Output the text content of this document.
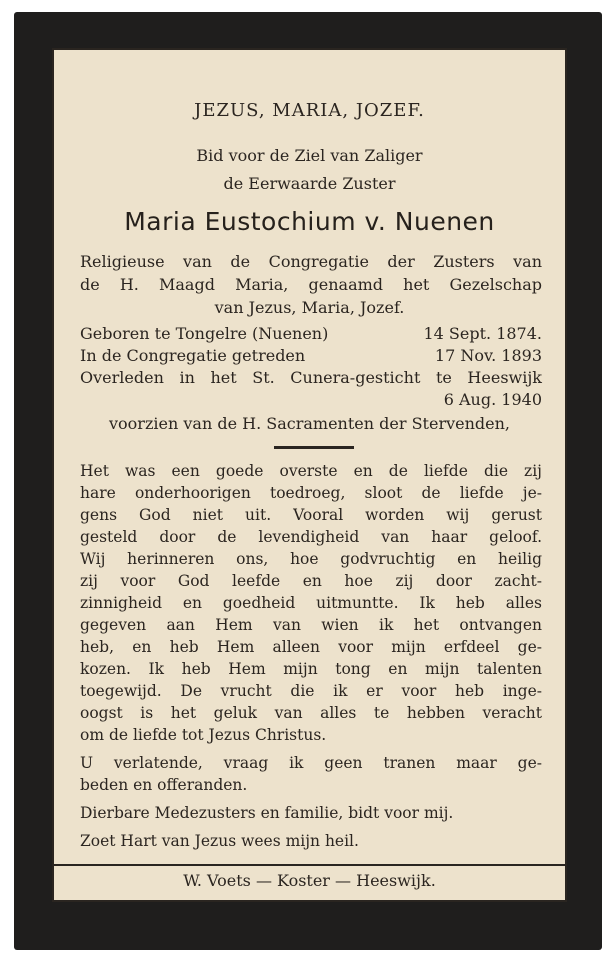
JEZUS, MARIA, JOZEF.

Bid voor de Ziel van Zaliger

de Eerwaarde Zuster

Maria Eustochium v. Nuenen

Religieuse van de Congregatie der Zusters van

de H. Maagd Maria, genaamd het Gezelschap

van Jezus, Maria, Jozef.

Geboren te Tongelre (Nuenen)	14 Sept. 1874.
In de Congregatie getreden	17 Nov. 1893

Overleden in het St. Cunera-gesticht te Heeswijk

6 Aug. 1940

voorzien van de H. Sacramenten der Stervenden,

Het was een goede overste en de liefde die zij

hare onderhoorigen toedroeg, sloot de liefde je-

gens God niet uit. Vooral worden wij gerust

gesteld door de levendigheid van haar geloof.

Wij herinneren ons, hoe godvruchtig en heilig

zij voor God leefde en hoe zij door zacht-

zinnigheid en goedheid uitmuntte. Ik heb alles

gegeven aan Hem van wien ik het ontvangen

heb, en heb Hem alleen voor mijn erfdeel ge-

kozen. Ik heb Hem mijn tong en mijn talenten

toegewijd. De vrucht die ik er voor heb inge-

oogst is het geluk van alles te hebben veracht

om de liefde tot Jezus Christus.

U verlatende, vraag ik geen tranen maar ge-

beden en offeranden.

Dierbare Medezusters en familie, bidt voor mij.

Zoet Hart van Jezus wees mijn heil.

W. Voets — Koster — Heeswijk.
